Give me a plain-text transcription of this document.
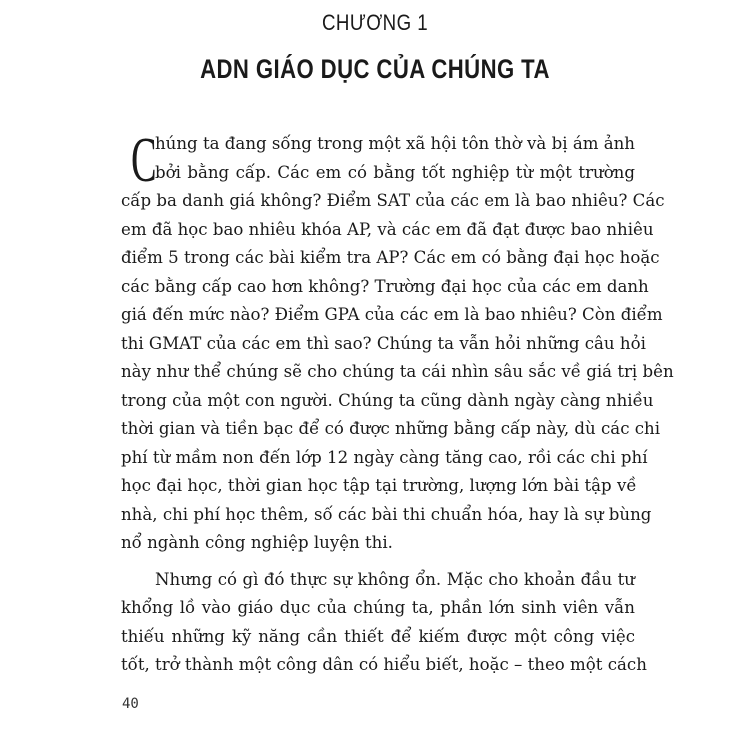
CHƯƠNG 1
ADN GIÁO DỤC CỦA CHÚNG TA
C
húng ta đang sống trong một xã hội tôn thờ và bị ám ảnh
bởi bằng cấp. Các em có bằng tốt nghiệp từ một trường
cấp ba danh giá không? Điểm SAT của các em là bao nhiêu? Các
em đã học bao nhiêu khóa AP, và các em đã đạt được bao nhiêu
điểm 5 trong các bài kiểm tra AP? Các em có bằng đại học hoặc
các bằng cấp cao hơn không? Trường đại học của các em danh
giá đến mức nào? Điểm GPA của các em là bao nhiêu? Còn điểm
thi GMAT của các em thì sao? Chúng ta vẫn hỏi những câu hỏi
này như thể chúng sẽ cho chúng ta cái nhìn sâu sắc về giá trị bên
trong của một con người. Chúng ta cũng dành ngày càng nhiều
thời gian và tiền bạc để có được những bằng cấp này, dù các chi
phí từ mầm non đến lớp 12 ngày càng tăng cao, rồi các chi phí
học đại học, thời gian học tập tại trường, lượng lớn bài tập về
nhà, chi phí học thêm, số các bài thi chuẩn hóa, hay là sự bùng
nổ ngành công nghiệp luyện thi.
Nhưng có gì đó thực sự không ổn. Mặc cho khoản đầu tư
khổng lồ vào giáo dục của chúng ta, phần lớn sinh viên vẫn
thiếu những kỹ năng cần thiết để kiếm được một công việc
tốt, trở thành một công dân có hiểu biết, hoặc – theo một cách
40
